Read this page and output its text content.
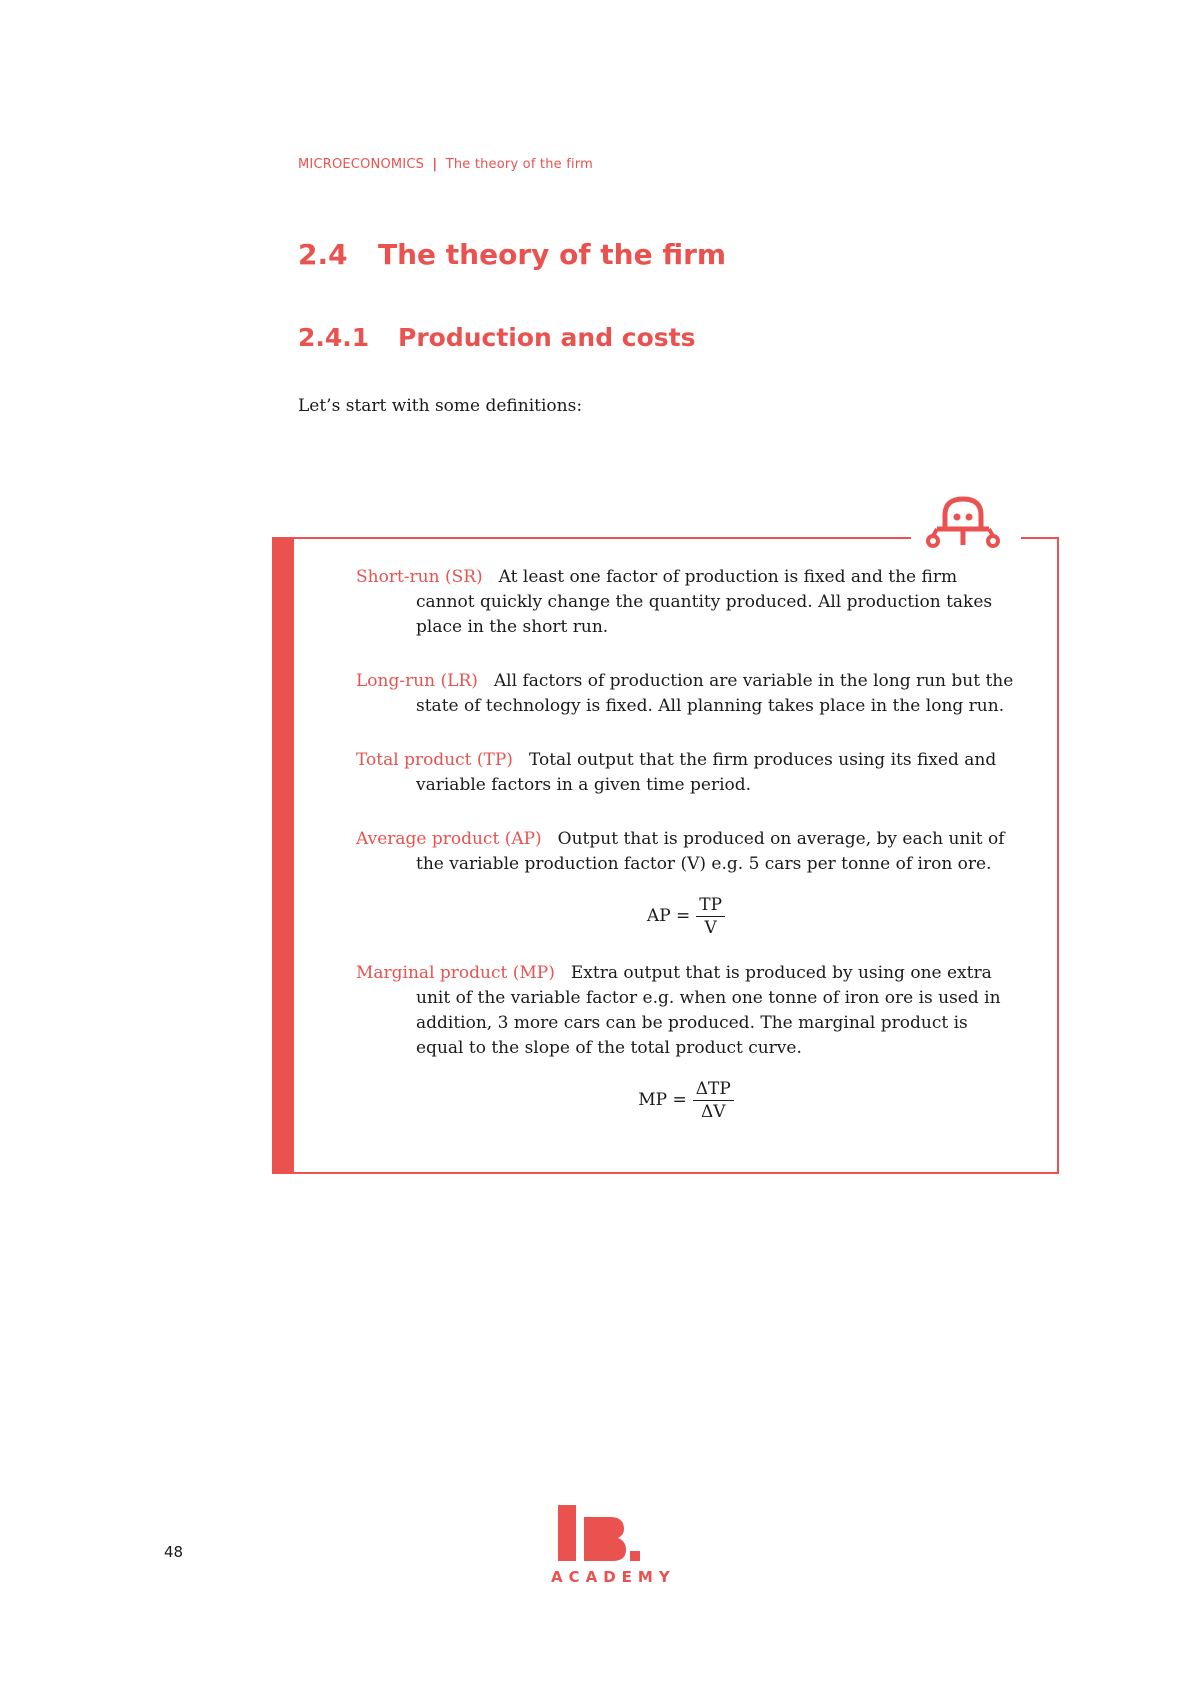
MICROECONOMICS | The theory of the firm
2.4 The theory of the firm
2.4.1 Production and costs
Let’s start with some definitions:
Short-run (SR) At least one factor of production is fixed and the firm
cannot quickly change the quantity produced. All production takes place in the short run.
Long-run (LR) All factors of production are variable in the long run but the
state of technology is fixed. All planning takes place in the long run.
Total product (TP) Total output that the firm produces using its fixed and
variable factors in a given time period.
Average product (AP) Output that is produced on average, by each unit of
the variable production factor (V) e.g. 5 cars per tonne of iron ore.
AP = $\frac{TP}{V}$
Marginal product (MP) Extra output that is produced by using one extra
unit of the variable factor e.g. when one tonne of iron ore is used in addition, 3 more cars can be produced. The marginal product is equal to the slope of the total product curve.
MP = $\frac{\text{ΔTP}}{\Delta V}$
48
ACADEMY
